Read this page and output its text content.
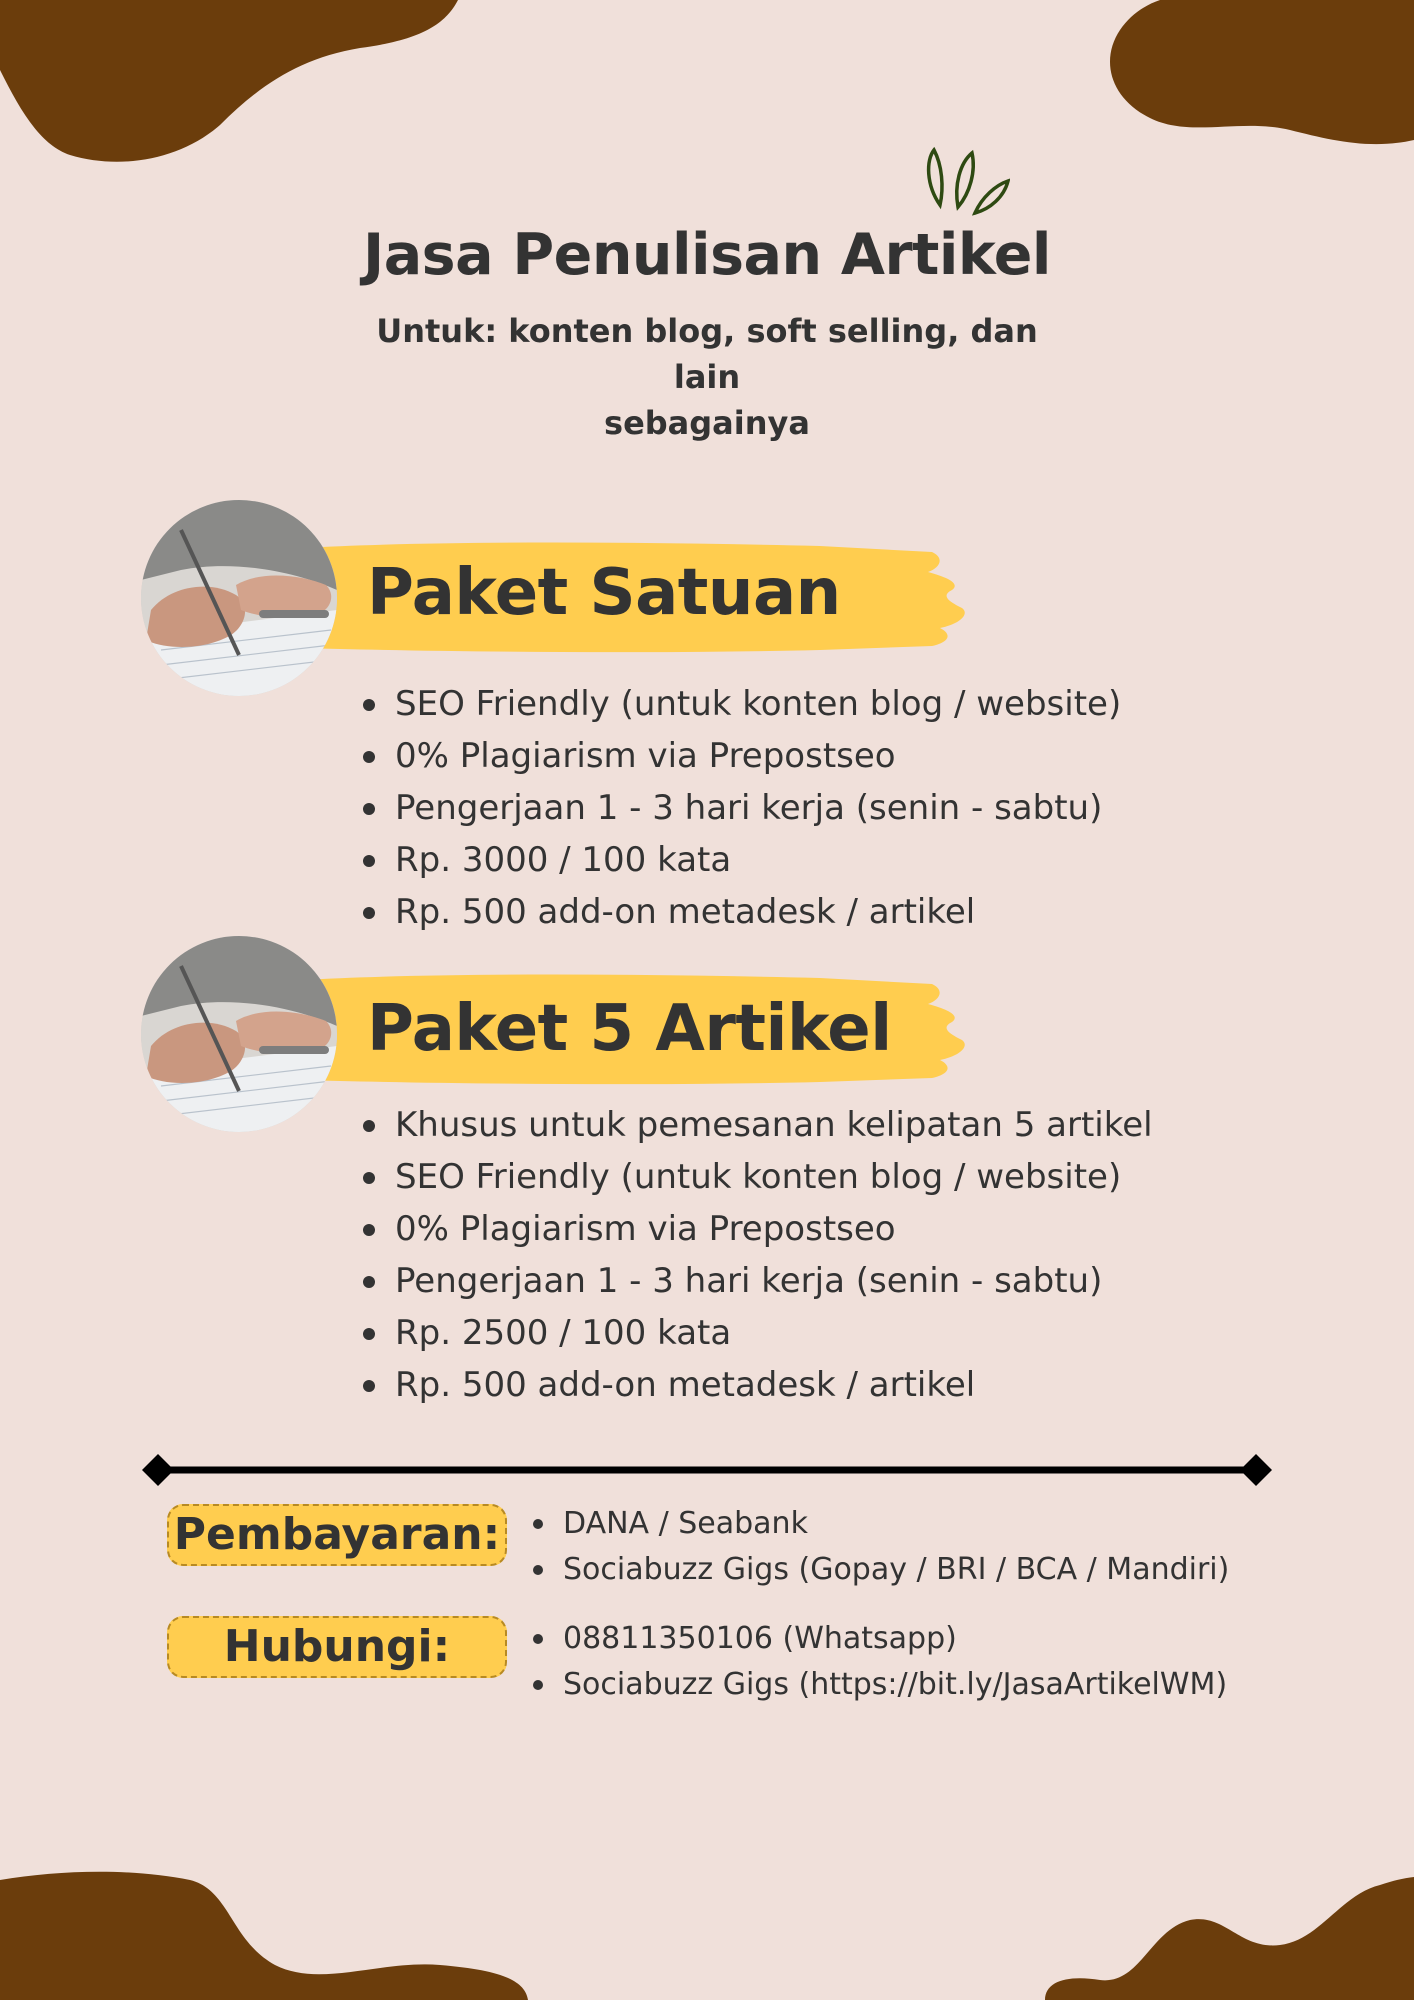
Jasa Penulisan Artikel
Untuk: konten blog, soft selling, dan lain
sebagainya
Paket Satuan
SEO Friendly (untuk konten blog / website)
0% Plagiarism via Prepostseo
Pengerjaan 1 - 3 hari kerja (senin - sabtu)
Rp. 3000 / 100 kata
Rp. 500 add-on metadesk / artikel
Paket 5 Artikel
Khusus untuk pemesanan kelipatan 5 artikel
SEO Friendly (untuk konten blog / website)
0% Plagiarism via Prepostseo
Pengerjaan 1 - 3 hari kerja (senin - sabtu)
Rp. 2500 / 100 kata
Rp. 500 add-on metadesk / artikel
Pembayaran:	DANA / Seabank
Sociabuzz Gigs (Gopay / BRI / BCA / Mandiri)
Hubungi:	08811350106 (Whatsapp)
Sociabuzz Gigs (https://bit.ly/JasaArtikelWM)
